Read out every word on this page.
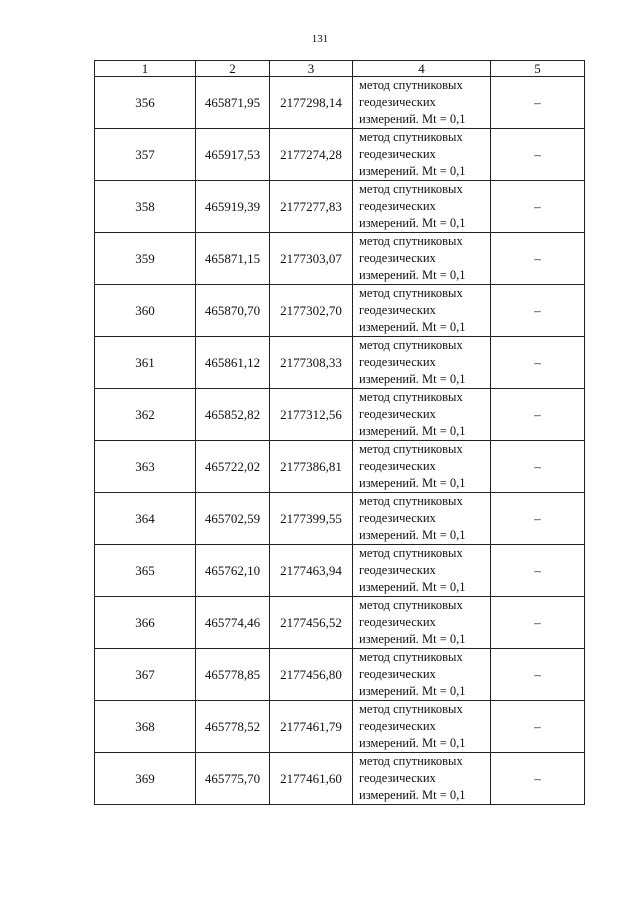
131
1	2	3	4	5
356	465871,95	2177298,14	метод спутниковых
геодезических
измерений. Mt = 0,1	–
357	465917,53	2177274,28	метод спутниковых
геодезических
измерений. Mt = 0,1	–
358	465919,39	2177277,83	метод спутниковых
геодезических
измерений. Mt = 0,1	–
359	465871,15	2177303,07	метод спутниковых
геодезических
измерений. Mt = 0,1	–
360	465870,70	2177302,70	метод спутниковых
геодезических
измерений. Mt = 0,1	–
361	465861,12	2177308,33	метод спутниковых
геодезических
измерений. Mt = 0,1	–
362	465852,82	2177312,56	метод спутниковых
геодезических
измерений. Mt = 0,1	–
363	465722,02	2177386,81	метод спутниковых
геодезических
измерений. Mt = 0,1	–
364	465702,59	2177399,55	метод спутниковых
геодезических
измерений. Mt = 0,1	–
365	465762,10	2177463,94	метод спутниковых
геодезических
измерений. Mt = 0,1	–
366	465774,46	2177456,52	метод спутниковых
геодезических
измерений. Mt = 0,1	–
367	465778,85	2177456,80	метод спутниковых
геодезических
измерений. Mt = 0,1	–
368	465778,52	2177461,79	метод спутниковых
геодезических
измерений. Mt = 0,1	–
369	465775,70	2177461,60	метод спутниковых
геодезических
измерений. Mt = 0,1	–
